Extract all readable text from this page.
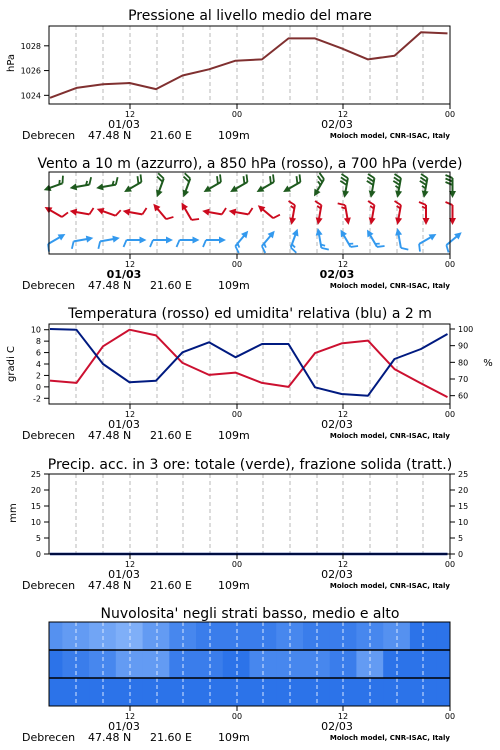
Pressione al livello medio del mare
hPa
1024
1026
1028
12	00	12	00
01/03	02/03
Debrecen 47.48 N 21.60 E 109m	Moloch model, CNR-ISAC, Italy
Vento a 10 m (azzurro), a 850 hPa (rosso), a 700 hPa (verde)
12	00	12	00
01/03	02/03
Debrecen 47.48 N 21.60 E 109m	Moloch model, CNR-ISAC, Italy
Temperatura (rosso) ed umidita' relativa (blu) a 2 m
gradi C	%
-2
0
2
4
6
8
10
60
70
80
90
100
12	00	12	00
01/03	02/03
Debrecen 47.48 N 21.60 E 109m	Moloch model, CNR-ISAC, Italy
Precip. acc. in 3 ore: totale (verde), frazione solida (tratt.)
mm
0
5
10
15
20
25
0
5
10
15
20
25
12	00	12	00
01/03	02/03
Debrecen 47.48 N 21.60 E 109m	Moloch model, CNR-ISAC, Italy
Nuvolosita' negli strati basso, medio e alto
12	00	12	00
01/03	02/03
Debrecen 47.48 N 21.60 E 109m	Moloch model, CNR-ISAC, Italy
